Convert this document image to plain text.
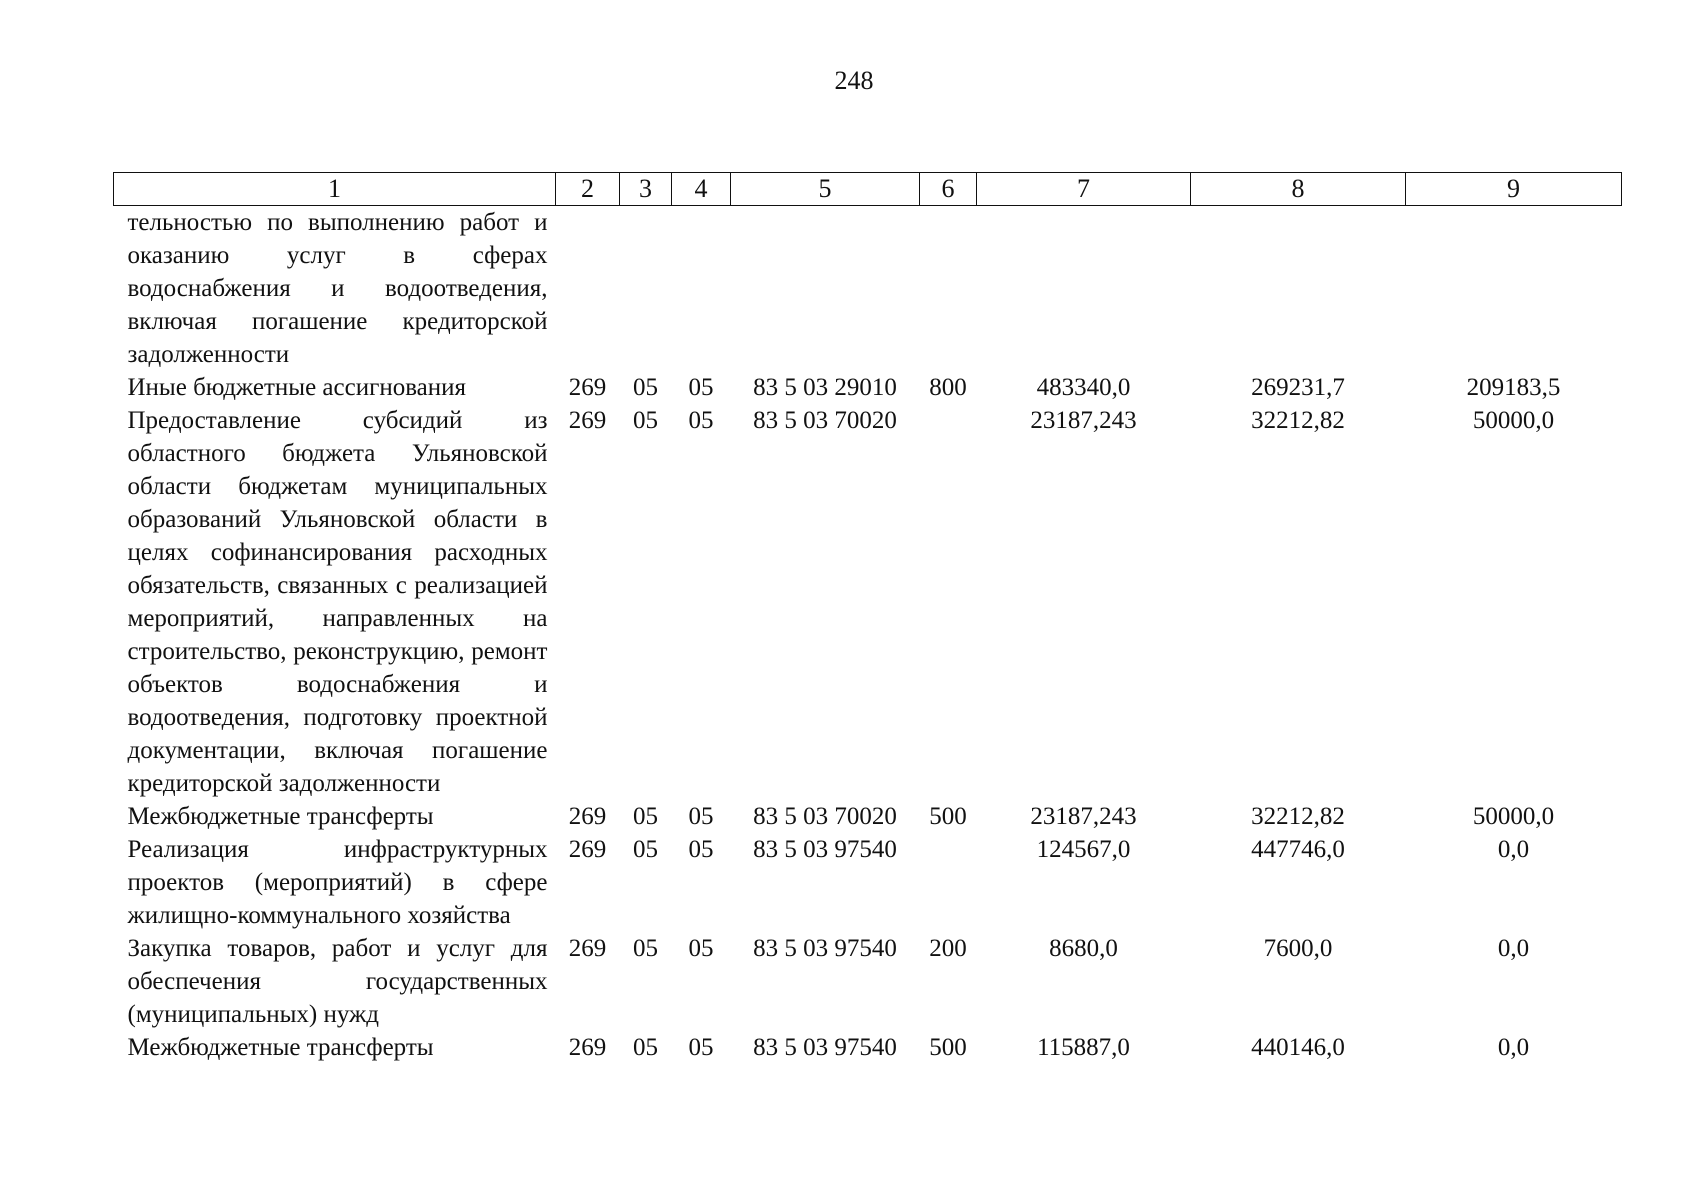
248
1	2	3	4	5	6	7	8	9
тельностью по выполнению работ и оказанию услуг в сферах водоснабжения и водоотведения, включая погашение кредиторской задолженности								
Иные бюджетные ассигнования	269	05	05	83 5 03 29010	800	483340,0	269231,7	209183,5
Предоставление субсидий из областного бюджета Ульяновской области бюджетам муниципальных образований Ульяновской области в целях софинансирования расходных обязательств, связанных с реализацией мероприятий, направленных на строительство, реконструкцию, ремонт объектов водоснабжения и водоотведения, подготовку проектной документации, включая погашение кредиторской задолженности	269	05	05	83 5 03 70020		23187,243	32212,82	50000,0
Межбюджетные трансферты	269	05	05	83 5 03 70020	500	23187,243	32212,82	50000,0
Реализация инфраструктурных проектов (мероприятий) в сфере жилищно-коммунального хозяйства	269	05	05	83 5 03 97540		124567,0	447746,0	0,0
Закупка товаров, работ и услуг для обеспечения государственных (муниципальных) нужд	269	05	05	83 5 03 97540	200	8680,0	7600,0	0,0
Межбюджетные трансферты	269	05	05	83 5 03 97540	500	115887,0	440146,0	0,0
